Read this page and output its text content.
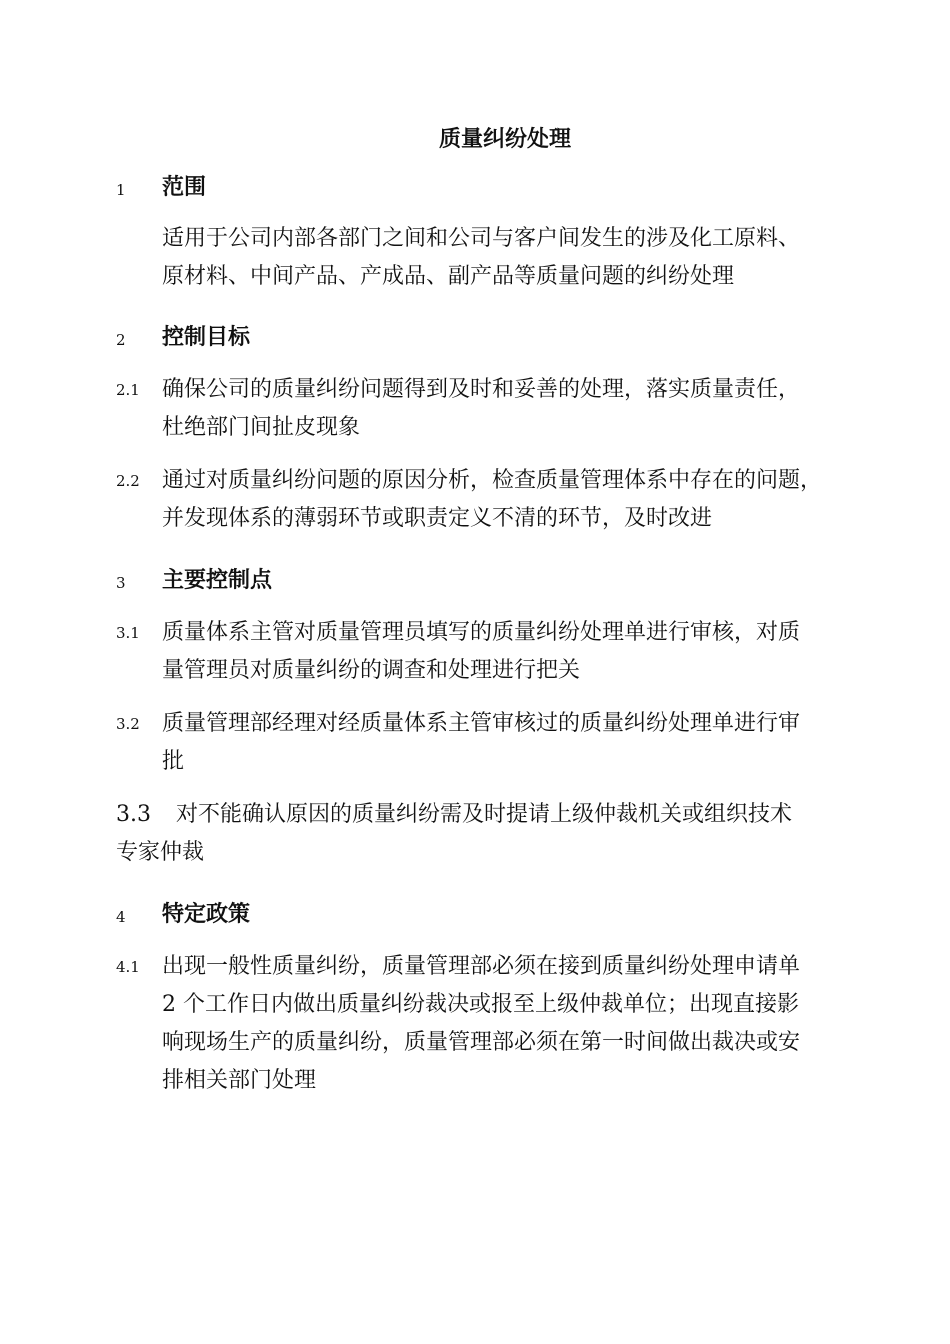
质量纠纷处理
1 范围
适用于公司内部各部门之间和公司与客户间发生的涉及化工原料、
原材料、中间产品、产成品、副产品等质量问题的纠纷处理
2 控制目标
2.1 确保公司的质量纠纷问题得到及时和妥善的处理，落实质量责任，
杜绝部门间扯皮现象
2.2 通过对质量纠纷问题的原因分析，检查质量管理体系中存在的问题，
并发现体系的薄弱环节或职责定义不清的环节，及时改进
3 主要控制点
3.1 质量体系主管对质量管理员填写的质量纠纷处理单进行审核，对质
量管理员对质量纠纷的调查和处理进行把关
3.2 质量管理部经理对经质量体系主管审核过的质量纠纷处理单进行审
批
3.3 对不能确认原因的质量纠纷需及时提请上级仲裁机关或组织技术
专家仲裁
4 特定政策
4.1 出现一般性质量纠纷，质量管理部必须在接到质量纠纷处理申请单
2 个工作日内做出质量纠纷裁决或报至上级仲裁单位；出现直接影
响现场生产的质量纠纷，质量管理部必须在第一时间做出裁决或安
排相关部门处理
